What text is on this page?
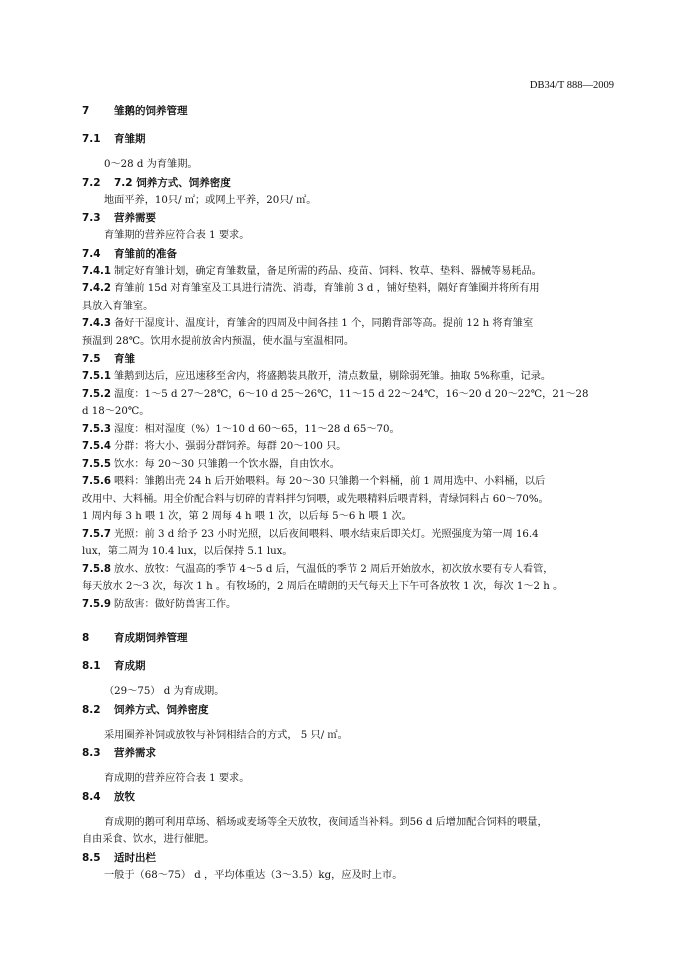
DB34/T 888—2009
7 雏鹅的饲养管理
7.1 育雏期
0～28 d 为育雏期。
7.2 7.2 饲养方式、饲养密度
地面平养，10只/ ㎡；或网上平养，20只/ ㎡。
7.3 营养需要
育雏期的营养应符合表 1 要求。
7.4 育雏前的准备
7.4.1 制定好育雏计划，确定育雏数量，备足所需的药品、疫苗、饲料、牧草、垫料、器械等易耗品。
7.4.2 育雏前 15d 对育雏室及工具进行清洗、消毒，育雏前 3 d ，铺好垫料，隔好育雏圈并将所有用
具放入育雏室。
7.4.3 备好干湿度计、温度计，育雏舍的四周及中间各挂 1 个，同鹅背部等高。提前 12 h 将育雏室
预温到 28℃。饮用水提前放舍内预温，使水温与室温相同。
7.5 育雏
7.5.1 雏鹅到达后，应迅速移至舍内，将盛鹅装具散开，清点数量，剔除弱死雏。抽取 5%称重，记录。
7.5.2 温度：1～5 d 27～28℃，6～10 d 25～26℃，11～15 d 22～24℃，16～20 d 20～22℃，21～28
d 18～20℃。
7.5.3 湿度：相对湿度（%）1～10 d 60～65，11～28 d 65～70。
7.5.4 分群：将大小、强弱分群饲养。每群 20～100 只。
7.5.5 饮水：每 20～30 只雏鹅一个饮水器，自由饮水。
7.5.6 喂料：雏鹅出壳 24 h 后开始喂料。每 20～30 只雏鹅一个料桶，前 1 周用选中、小料桶，以后
改用中、大料桶。用全价配合料与切碎的青料拌匀饲喂，或先喂精料后喂青料，青绿饲料占 60～70%。
1 周内每 3 h 喂 1 次，第 2 周每 4 h 喂 1 次，以后每 5～6 h 喂 1 次。
7.5.7 光照：前 3 d 给予 23 小时光照，以后夜间喂料、喂水结束后即关灯。光照强度为第一周 16.4
lux，第二周为 10.4 lux，以后保持 5.1 lux。
7.5.8 放水、放牧：气温高的季节 4～5 d 后，气温低的季节 2 周后开始放水，初次放水要有专人看管，
每天放水 2～3 次，每次 1 h 。有牧场的，2 周后在晴朗的天气每天上下午可各放牧 1 次，每次 1～2 h 。
7.5.9 防敌害：做好防兽害工作。
8 育成期饲养管理
8.1 育成期
（29～75） d 为育成期。
8.2 饲养方式、饲养密度
采用圈养补饲或放牧与补饲相结合的方式， 5 只/ ㎡。
8.3 营养需求
育成期的营养应符合表 1 要求。
8.4 放牧
育成期的鹅可利用草场、稻场或麦场等全天放牧，夜间适当补料。到56 d 后增加配合饲料的喂量，
自由采食、饮水，进行催肥。
8.5 适时出栏
一般于（68～75） d ，平均体重达（3～3.5）kg，应及时上市。
